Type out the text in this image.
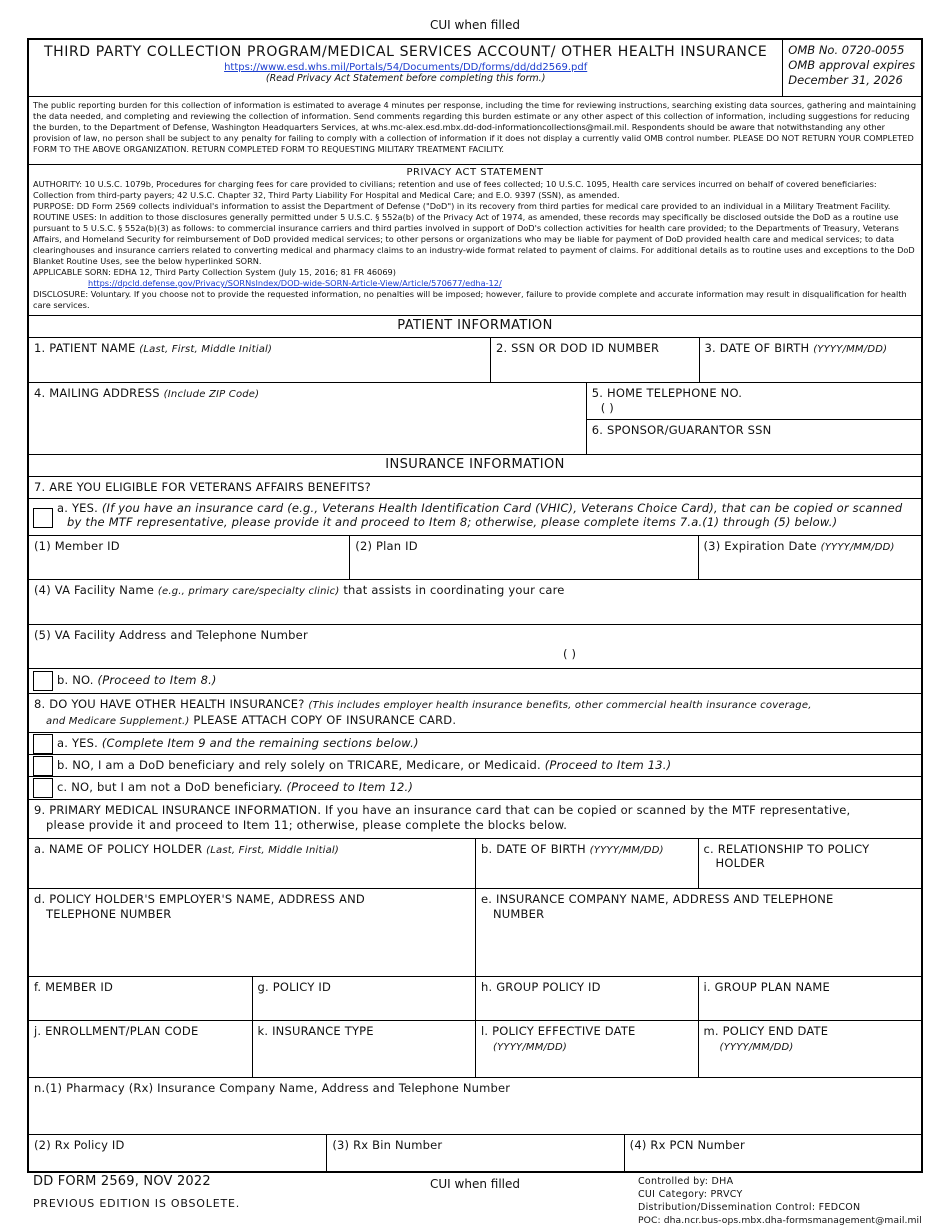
CUI when filled
THIRD PARTY COLLECTION PROGRAM/MEDICAL SERVICES ACCOUNT/ OTHER HEALTH INSURANCE
https://www.esd.whs.mil/Portals/54/Documents/DD/forms/dd/dd2569.pdf
(Read Privacy Act Statement before completing this form.)
OMB No. 0720-0055
OMB approval expires
December 31, 2026
The public reporting burden for this collection of information is estimated to average 4 minutes per response, including the time for reviewing instructions, searching existing data sources, gathering and maintaining the data needed, and completing and reviewing the collection of information. Send comments regarding this burden estimate or any other aspect of this collection of information, including suggestions for reducing the burden, to the Department of Defense, Washington Headquarters Services, at whs.mc-alex.esd.mbx.dd-dod-informationcollections@mail.mil. Respondents should be aware that notwithstanding any other provision of law, no person shall be subject to any penalty for failing to comply with a collection of information if it does not display a currently valid OMB control number. PLEASE DO NOT RETURN YOUR COMPLETED FORM TO THE ABOVE ORGANIZATION. RETURN COMPLETED FORM TO REQUESTING MILITARY TREATMENT FACILITY.
PRIVACY ACT STATEMENT
AUTHORITY: 10 U.S.C. 1079b, Procedures for charging fees for care provided to civilians; retention and use of fees collected; 10 U.S.C. 1095, Health care services incurred on behalf of covered beneficiaries: Collection from third-party payers; 42 U.S.C. Chapter 32, Third Party Liability For Hospital and Medical Care; and E.O. 9397 (SSN), as amended.
PURPOSE: DD Form 2569 collects individual's information to assist the Department of Defense ("DoD") in its recovery from third parties for medical care provided to an individual in a Military Treatment Facility.
ROUTINE USES: In addition to those disclosures generally permitted under 5 U.S.C. § 552a(b) of the Privacy Act of 1974, as amended, these records may specifically be disclosed outside the DoD as a routine use pursuant to 5 U.S.C. § 552a(b)(3) as follows: to commercial insurance carriers and third parties involved in support of DoD's collection activities for health care provided; to the Departments of Treasury, Veterans Affairs, and Homeland Security for reimbursement of DoD provided medical services; to other persons or organizations who may be liable for payment of DoD provided health care and medical services; to data clearinghouses and insurance carriers related to converting medical and pharmacy claims to an industry-wide format related to payment of claims. For additional details as to routine uses and exceptions to the DoD Blanket Routine Uses, see the below hyperlinked SORN.
APPLICABLE SORN: EDHA 12, Third Party Collection System (July 15, 2016; 81 FR 46069)
https://dpcld.defense.gov/Privacy/SORNsIndex/DOD-wide-SORN-Article-View/Article/570677/edha-12/
DISCLOSURE: Voluntary. If you choose not to provide the requested information, no penalties will be imposed; however, failure to provide complete and accurate information may result in disqualification for health care services.
PATIENT INFORMATION
1. PATIENT NAME (Last, First, Middle Initial)	2. SSN OR DOD ID NUMBER	3. DATE OF BIRTH (YYYY/MM/DD)
4. MAILING ADDRESS (Include ZIP Code)	5. HOME TELEPHONE NO.
( )
6. SPONSOR/GUARANTOR SSN
INSURANCE INFORMATION
7. ARE YOU ELIGIBLE FOR VETERANS AFFAIRS BENEFITS?
a. YES. (If you have an insurance card (e.g., Veterans Health Identification Card (VHIC), Veterans Choice Card), that can be copied or scanned
by the MTF representative, please provide it and proceed to Item 8; otherwise, please complete items 7.a.(1) through (5) below.)
(1) Member ID	(2) Plan ID	(3) Expiration Date (YYYY/MM/DD)
(4) VA Facility Name (e.g., primary care/specialty clinic) that assists in coordinating your care
(5) VA Facility Address and Telephone Number
( )
b. NO. (Proceed to Item 8.)
8. DO YOU HAVE OTHER HEALTH INSURANCE? (This includes employer health insurance benefits, other commercial health insurance coverage,
and Medicare Supplement.) PLEASE ATTACH COPY OF INSURANCE CARD.
a. YES. (Complete Item 9 and the remaining sections below.)
b. NO, I am a DoD beneficiary and rely solely on TRICARE, Medicare, or Medicaid. (Proceed to Item 13.)
c. NO, but I am not a DoD beneficiary. (Proceed to Item 12.)
9. PRIMARY MEDICAL INSURANCE INFORMATION. If you have an insurance card that can be copied or scanned by the MTF representative,
please provide it and proceed to Item 11; otherwise, please complete the blocks below.
a. NAME OF POLICY HOLDER (Last, First, Middle Initial)	b. DATE OF BIRTH (YYYY/MM/DD)	c. RELATIONSHIP TO POLICY
HOLDER
d. POLICY HOLDER'S EMPLOYER'S NAME, ADDRESS AND
TELEPHONE NUMBER
e. INSURANCE COMPANY NAME, ADDRESS AND TELEPHONE
NUMBER
f. MEMBER ID	g. POLICY ID	h. GROUP POLICY ID	i. GROUP PLAN NAME
j. ENROLLMENT/PLAN CODE	k. INSURANCE TYPE	l. POLICY EFFECTIVE DATE
(YYYY/MM/DD)
m. POLICY END DATE
(YYYY/MM/DD)
n.(1) Pharmacy (Rx) Insurance Company Name, Address and Telephone Number
(2) Rx Policy ID	(3) Rx Bin Number	(4) Rx PCN Number
DD FORM 2569, NOV 2022
PREVIOUS EDITION IS OBSOLETE.
CUI when filled	Controlled by: DHA
CUI Category: PRVCY
Distribution/Dissemination Control: FEDCON
POC: dha.ncr.bus-ops.mbx.dha-formsmanagement@mail.mil
